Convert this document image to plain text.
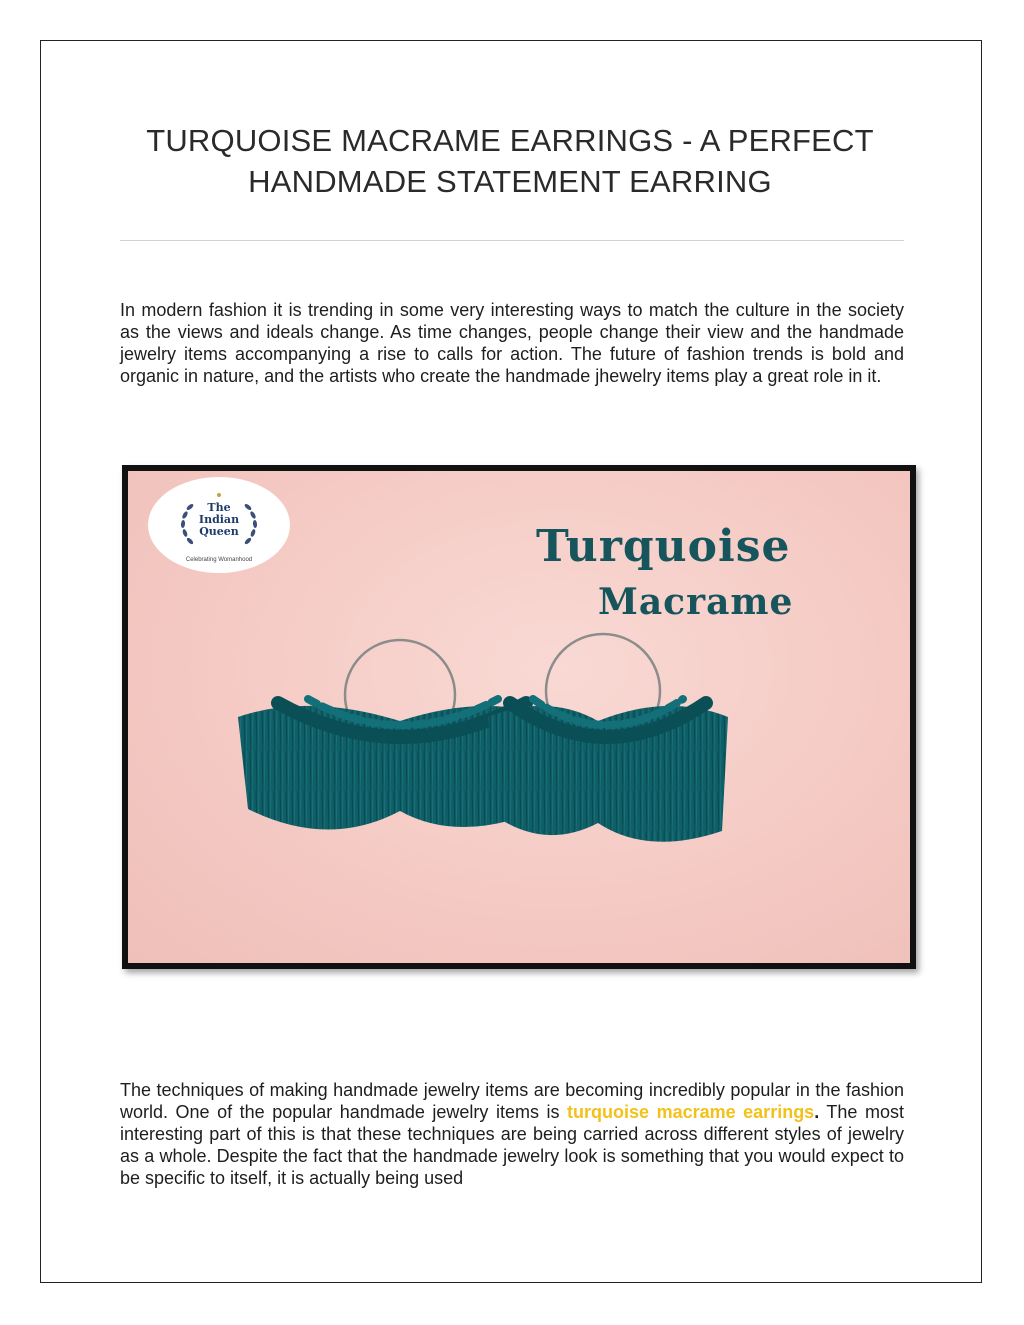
TURQUOISE MACRAME EARRINGS - A PERFECT HANDMADE STATEMENT EARRING

In modern fashion it is trending in some very interesting ways to match the culture in the society as the views and ideals change. As time changes, people change their view and the handmade jewelry items accompanying a rise to calls for action. The future of fashion trends is bold and organic in nature, and the artists who create the handmade jhewelry items play a great role in it.

The
Indian
Queen
Celebrating Womanhood	Turquoise
Macrame

The techniques of making handmade jewelry items are becoming incredibly popular in the fashion world. One of the popular handmade jewelry items is turquoise macrame earrings. The most interesting part of this is that these techniques are being carried across different styles of jewelry as a whole. Despite the fact that the handmade jewelry look is something that you would expect to be specific to itself, it is actually being used
